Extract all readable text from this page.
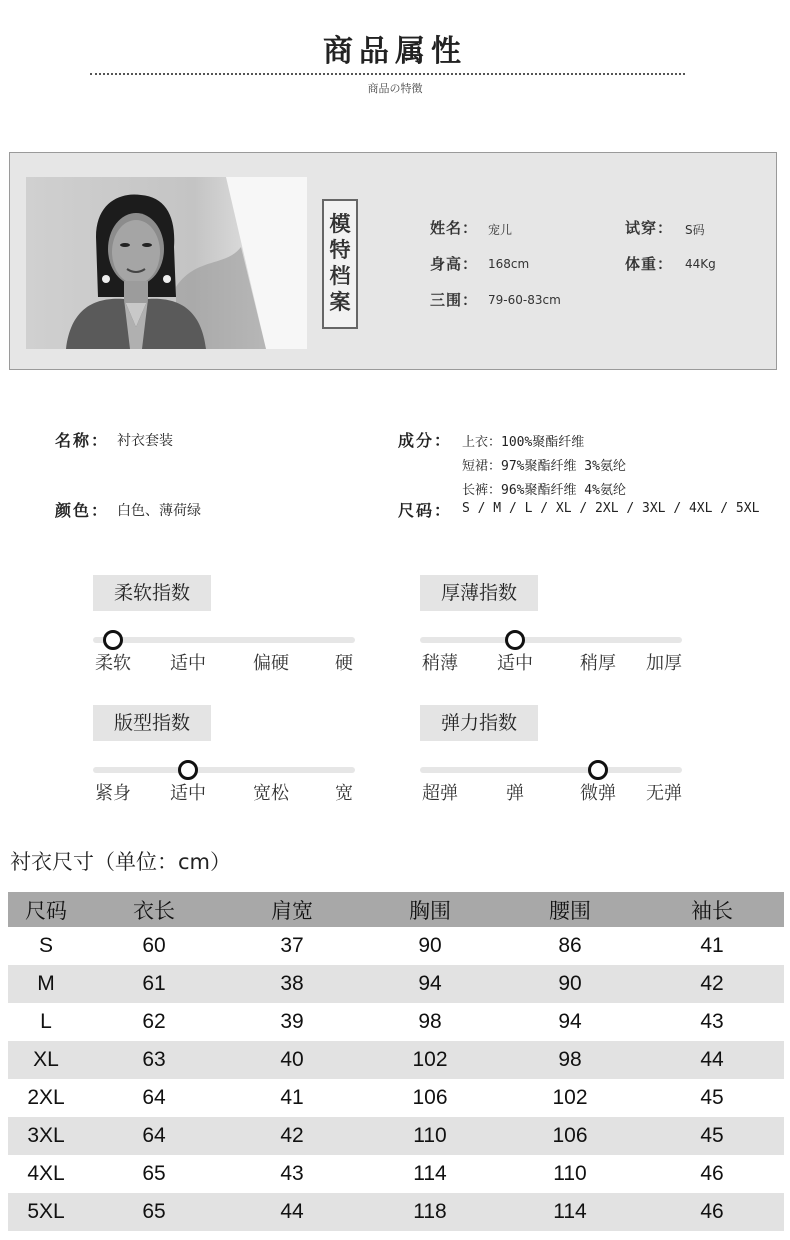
商品属性
商品の特徴
模特档案
姓名： 宠儿
身高： 168cm
三围： 79-60-83cm
试穿： S码
体重： 44Kg
名称： 衬衣套装
颜色： 白色、薄荷绿
成分： 上衣：100%聚酯纤维
短裙：97%聚酯纤维 3%氨纶
长裤：96%聚酯纤维 4%氨纶
尺码： S / M / L / XL / 2XL / 3XL / 4XL / 5XL
柔软指数
柔软 适中	偏硬	硬
厚薄指数
稍薄 适中	稍厚 加厚
版型指数
紧身 适中	宽松	宽
弹力指数
超弹	弹	微弹 无弹
衬衣尺寸（单位：cm）
尺码	衣长	肩宽	胸围	腰围	袖长
S	60	37	90	86	41
M	61	38	94	90	42
L	62	39	98	94	43
XL	63	40	102	98	44
2XL	64	41	106	102	45
3XL	64	42	110	106	45
4XL	65	43	114	110	46
5XL	65	44	118	114	46
